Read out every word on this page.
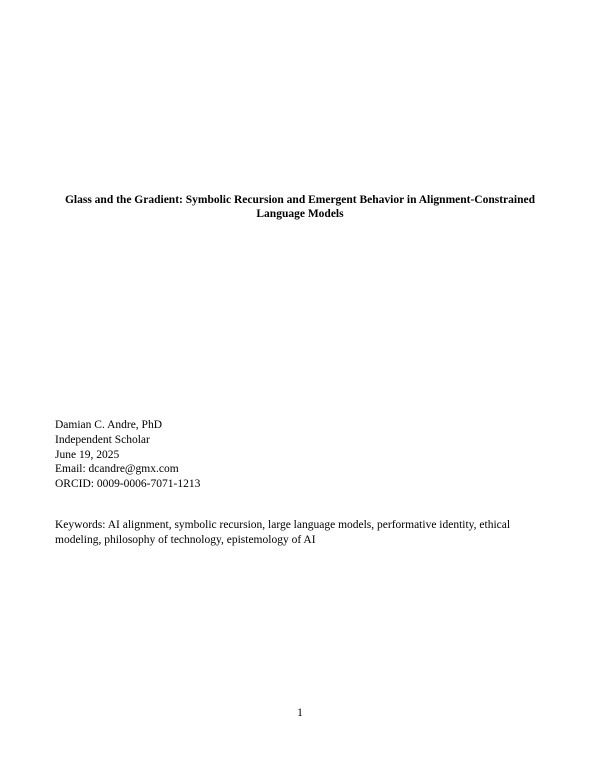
Glass and the Gradient: Symbolic Recursion and Emergent Behavior in Alignment-Constrained
Language Models
Damian C. Andre, PhD
Independent Scholar
June 19, 2025
Email: dcandre@gmx.com
ORCID: 0009-0006-7071-1213
Keywords: AI alignment, symbolic recursion, large language models, performative identity, ethical
modeling, philosophy of technology, epistemology of AI
1
